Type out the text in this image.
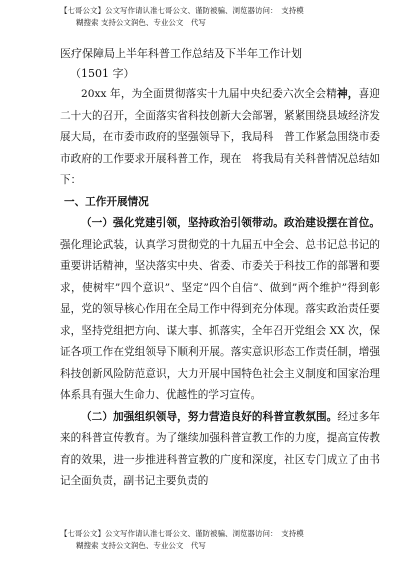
【七哥公文】公文写作请认准七哥公文、谨防被骗、浏览器访问：　支持模
糊搜索 支持公文润色、专业公文　代写
医疗保障局上半年科普工作总结及下半年工作计划
（1501 字）

20xx 年，为全面贯彻落实十九届中央纪委六次全会精神，喜迎二十大的召开，全面落实省科技创新大会部署，紧紧围绕县域经济发展大局，在市委市政府的坚强领导下，我局科　普工作紧急围绕市委市政府的工作要求开展科普工作，现在　将我局有关科普情况总结如下：

一、工作开展情况

（一）强化党建引领，坚持政治引领带动。政治建设摆在首位。强化理论武装，认真学习贯彻党的十九届五中全会、总书记总书记的重要讲话精神，坚决落实中央、省委、市委关于科技工作的部署和要求，使树牢”四个意识”、坚定”四个自信”、做到”两个维护”得到彰显，党的领导核心作用在全局工作中得到充分体现。落实政治责任要求，坚持党组把方向、谋大事、抓落实，全年召开党组会 XX 次，保证各项工作在党组领导下顺利开展。落实意识形态工作责任制，增强科技创新风险防范意识，大力开展中国特色社会主义制度和国家治理体系具有强大生命力、优越性的学习宣传。

（二）加强组织领导，努力营造良好的科普宣教氛围。经过多年来的科普宣传教育。为了继续加强科普宣教工作的力度，提高宣传教育的效果，进一步推进科普宣教的广度和深度，社区专门成立了由书记全面负责，副书记主要负责的

【七哥公文】公文写作请认准七哥公文、谨防被骗、浏览器访问：　支持模
糊搜索 支持公文润色、专业公文　代写
